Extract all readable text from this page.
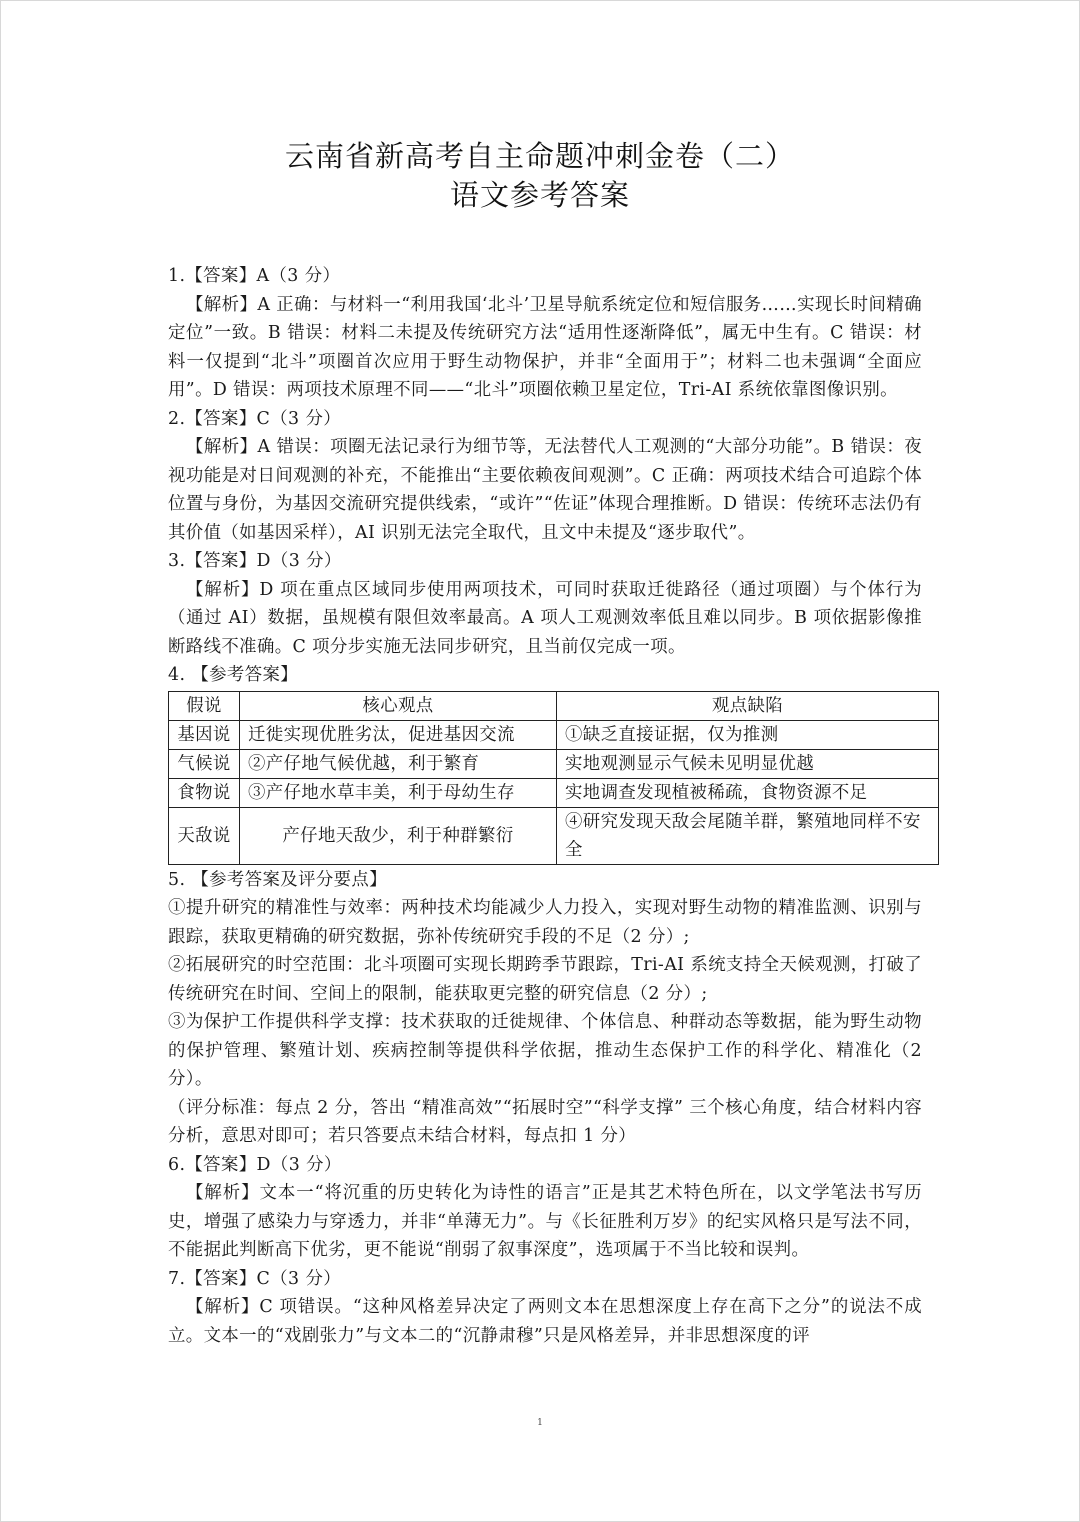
云南省新高考自主命题冲刺金卷（二）
语文参考答案

1.【答案】A（3 分）

【解析】A 正确：与材料一“利用我国‘北斗’卫星导航系统定位和短信服务……实现长时间精确定位”一致。B 错误：材料二未提及传统研究方法“适用性逐渐降低”，属无中生有。C 错误：材料一仅提到“北斗”项圈首次应用于野生动物保护，并非“全面用于”；材料二也未强调“全面应用”。D 错误：两项技术原理不同——“北斗”项圈依赖卫星定位，Tri-AI 系统依靠图像识别。

2.【答案】C（3 分）

【解析】A 错误：项圈无法记录行为细节等，无法替代人工观测的“大部分功能”。B 错误：夜视功能是对日间观测的补充，不能推出“主要依赖夜间观测”。C 正确：两项技术结合可追踪个体位置与身份，为基因交流研究提供线索，“或许”“佐证”体现合理推断。D 错误：传统环志法仍有其价值（如基因采样），AI 识别无法完全取代，且文中未提及“逐步取代”。

3.【答案】D（3 分）

【解析】D 项在重点区域同步使用两项技术，可同时获取迁徙路径（通过项圈）与个体行为（通过 AI）数据，虽规模有限但效率最高。A 项人工观测效率低且难以同步。B 项依据影像推断路线不准确。C 项分步实施无法同步研究，且当前仅完成一项。

4. 【参考答案】

假说	核心观点	观点缺陷
基因说	迁徙实现优胜劣汰，促进基因交流	①缺乏直接证据，仅为推测
气候说	②产仔地气候优越，利于繁育	实地观测显示气候未见明显优越
食物说	③产仔地水草丰美，利于母幼生存	实地调查发现植被稀疏，食物资源不足
天敌说	产仔地天敌少，利于种群繁衍	④研究发现天敌会尾随羊群，繁殖地同样不安全

5. 【参考答案及评分要点】

①提升研究的精准性与效率：两种技术均能减少人力投入，实现对野生动物的精准监测、识别与跟踪，获取更精确的研究数据，弥补传统研究手段的不足（2 分）;

②拓展研究的时空范围：北斗项圈可实现长期跨季节跟踪，Tri-AI 系统支持全天候观测，打破了传统研究在时间、空间上的限制，能获取更完整的研究信息（2 分）;

③为保护工作提供科学支撑：技术获取的迁徙规律、个体信息、种群动态等数据，能为野生动物的保护管理、繁殖计划、疾病控制等提供科学依据，推动生态保护工作的科学化、精准化（2 分）。

（评分标准：每点 2 分，答出 “精准高效”“拓展时空”“科学支撑” 三个核心角度，结合材料内容分析，意思对即可；若只答要点未结合材料，每点扣 1 分）

6.【答案】D（3 分）

【解析】文本一“将沉重的历史转化为诗性的语言”正是其艺术特色所在，以文学笔法书写历史，增强了感染力与穿透力，并非“单薄无力”。与《长征胜利万岁》的纪实风格只是写法不同，不能据此判断高下优劣，更不能说“削弱了叙事深度”，选项属于不当比较和误判。

7.【答案】C（3 分）

【解析】C 项错误。“这种风格差异决定了两则文本在思想深度上存在高下之分”的说法不成立。文本一的“戏剧张力”与文本二的“沉静肃穆”只是风格差异，并非思想深度的评

1
